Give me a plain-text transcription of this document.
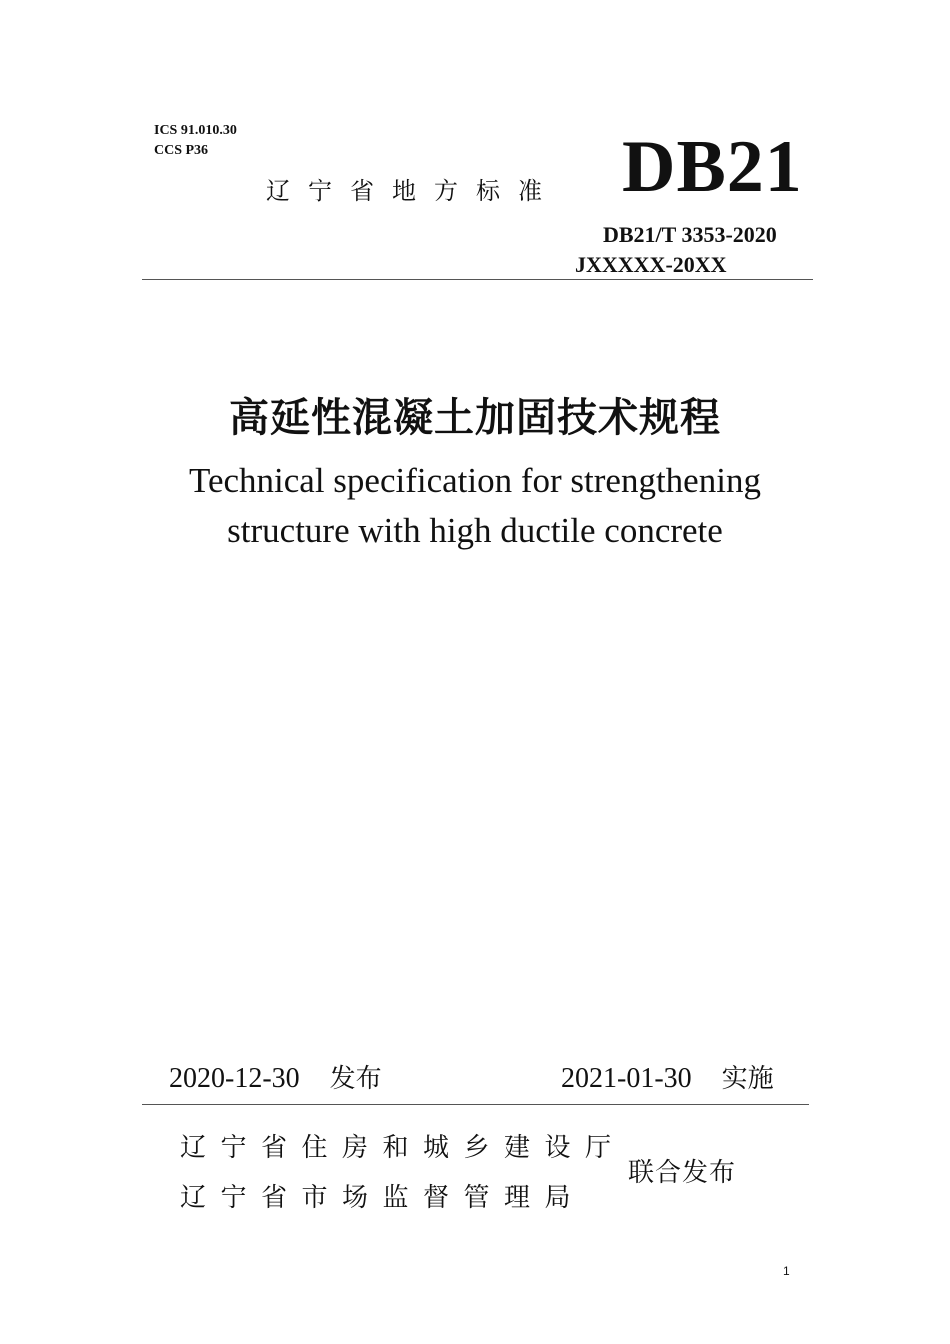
ICS 91.010.30
CCS P36
辽宁省地方标准 DB21
DB21/T 3353-2020
JXXXXX-20XX
高延性混凝土加固技术规程
Technical specification for strengthening
structure with high ductile concrete
2020-12-30 发布	2021-01-30 实施
辽宁省住房和城乡建设厅
辽宁省市场监督管理局
联合发布
1
